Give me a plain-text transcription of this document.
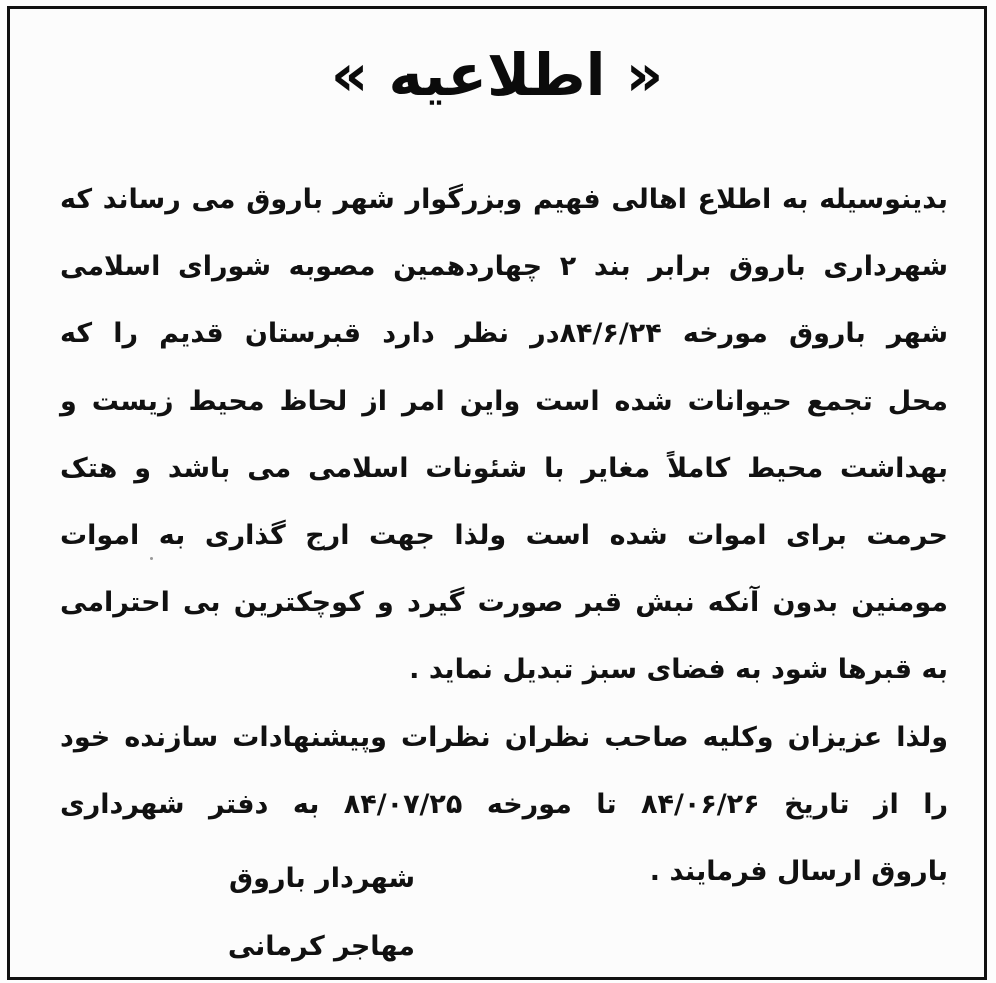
« اطلاعیه »
بدینوسیله به اطلاع اهالی فهیم وبزرگوار شهر باروق می رساند که
شهرداری باروق برابر بند ۲ چهاردهمین مصوبه شورای اسلامی
شهر باروق مورخه ۸۴/۶/۲۴در نظر دارد قبرستان قدیم را که
محل تجمع حیوانات شده است واین امر از لحاظ محیط زیست و
بهداشت محیط کاملاً مغایر با شئونات اسلامی می باشد و هتک
حرمت برای اموات شده است ولذا جهت ارج گذاری به اموات
مومنین بدون آنکه نبش قبر صورت گیرد و کوچکترین بی احترامی
به قبرها شود به فضای سبز تبدیل نماید .
ولذا عزیزان وکلیه صاحب نظران نظرات وپیشنهادات سازنده خود
را از تاریخ ۸۴/۰۶/۲۶ تا مورخه ۸۴/۰۷/۲۵ به دفتر شهرداری
باروق ارسال فرمایند .
شهردار باروق
مهاجر کرمانی
